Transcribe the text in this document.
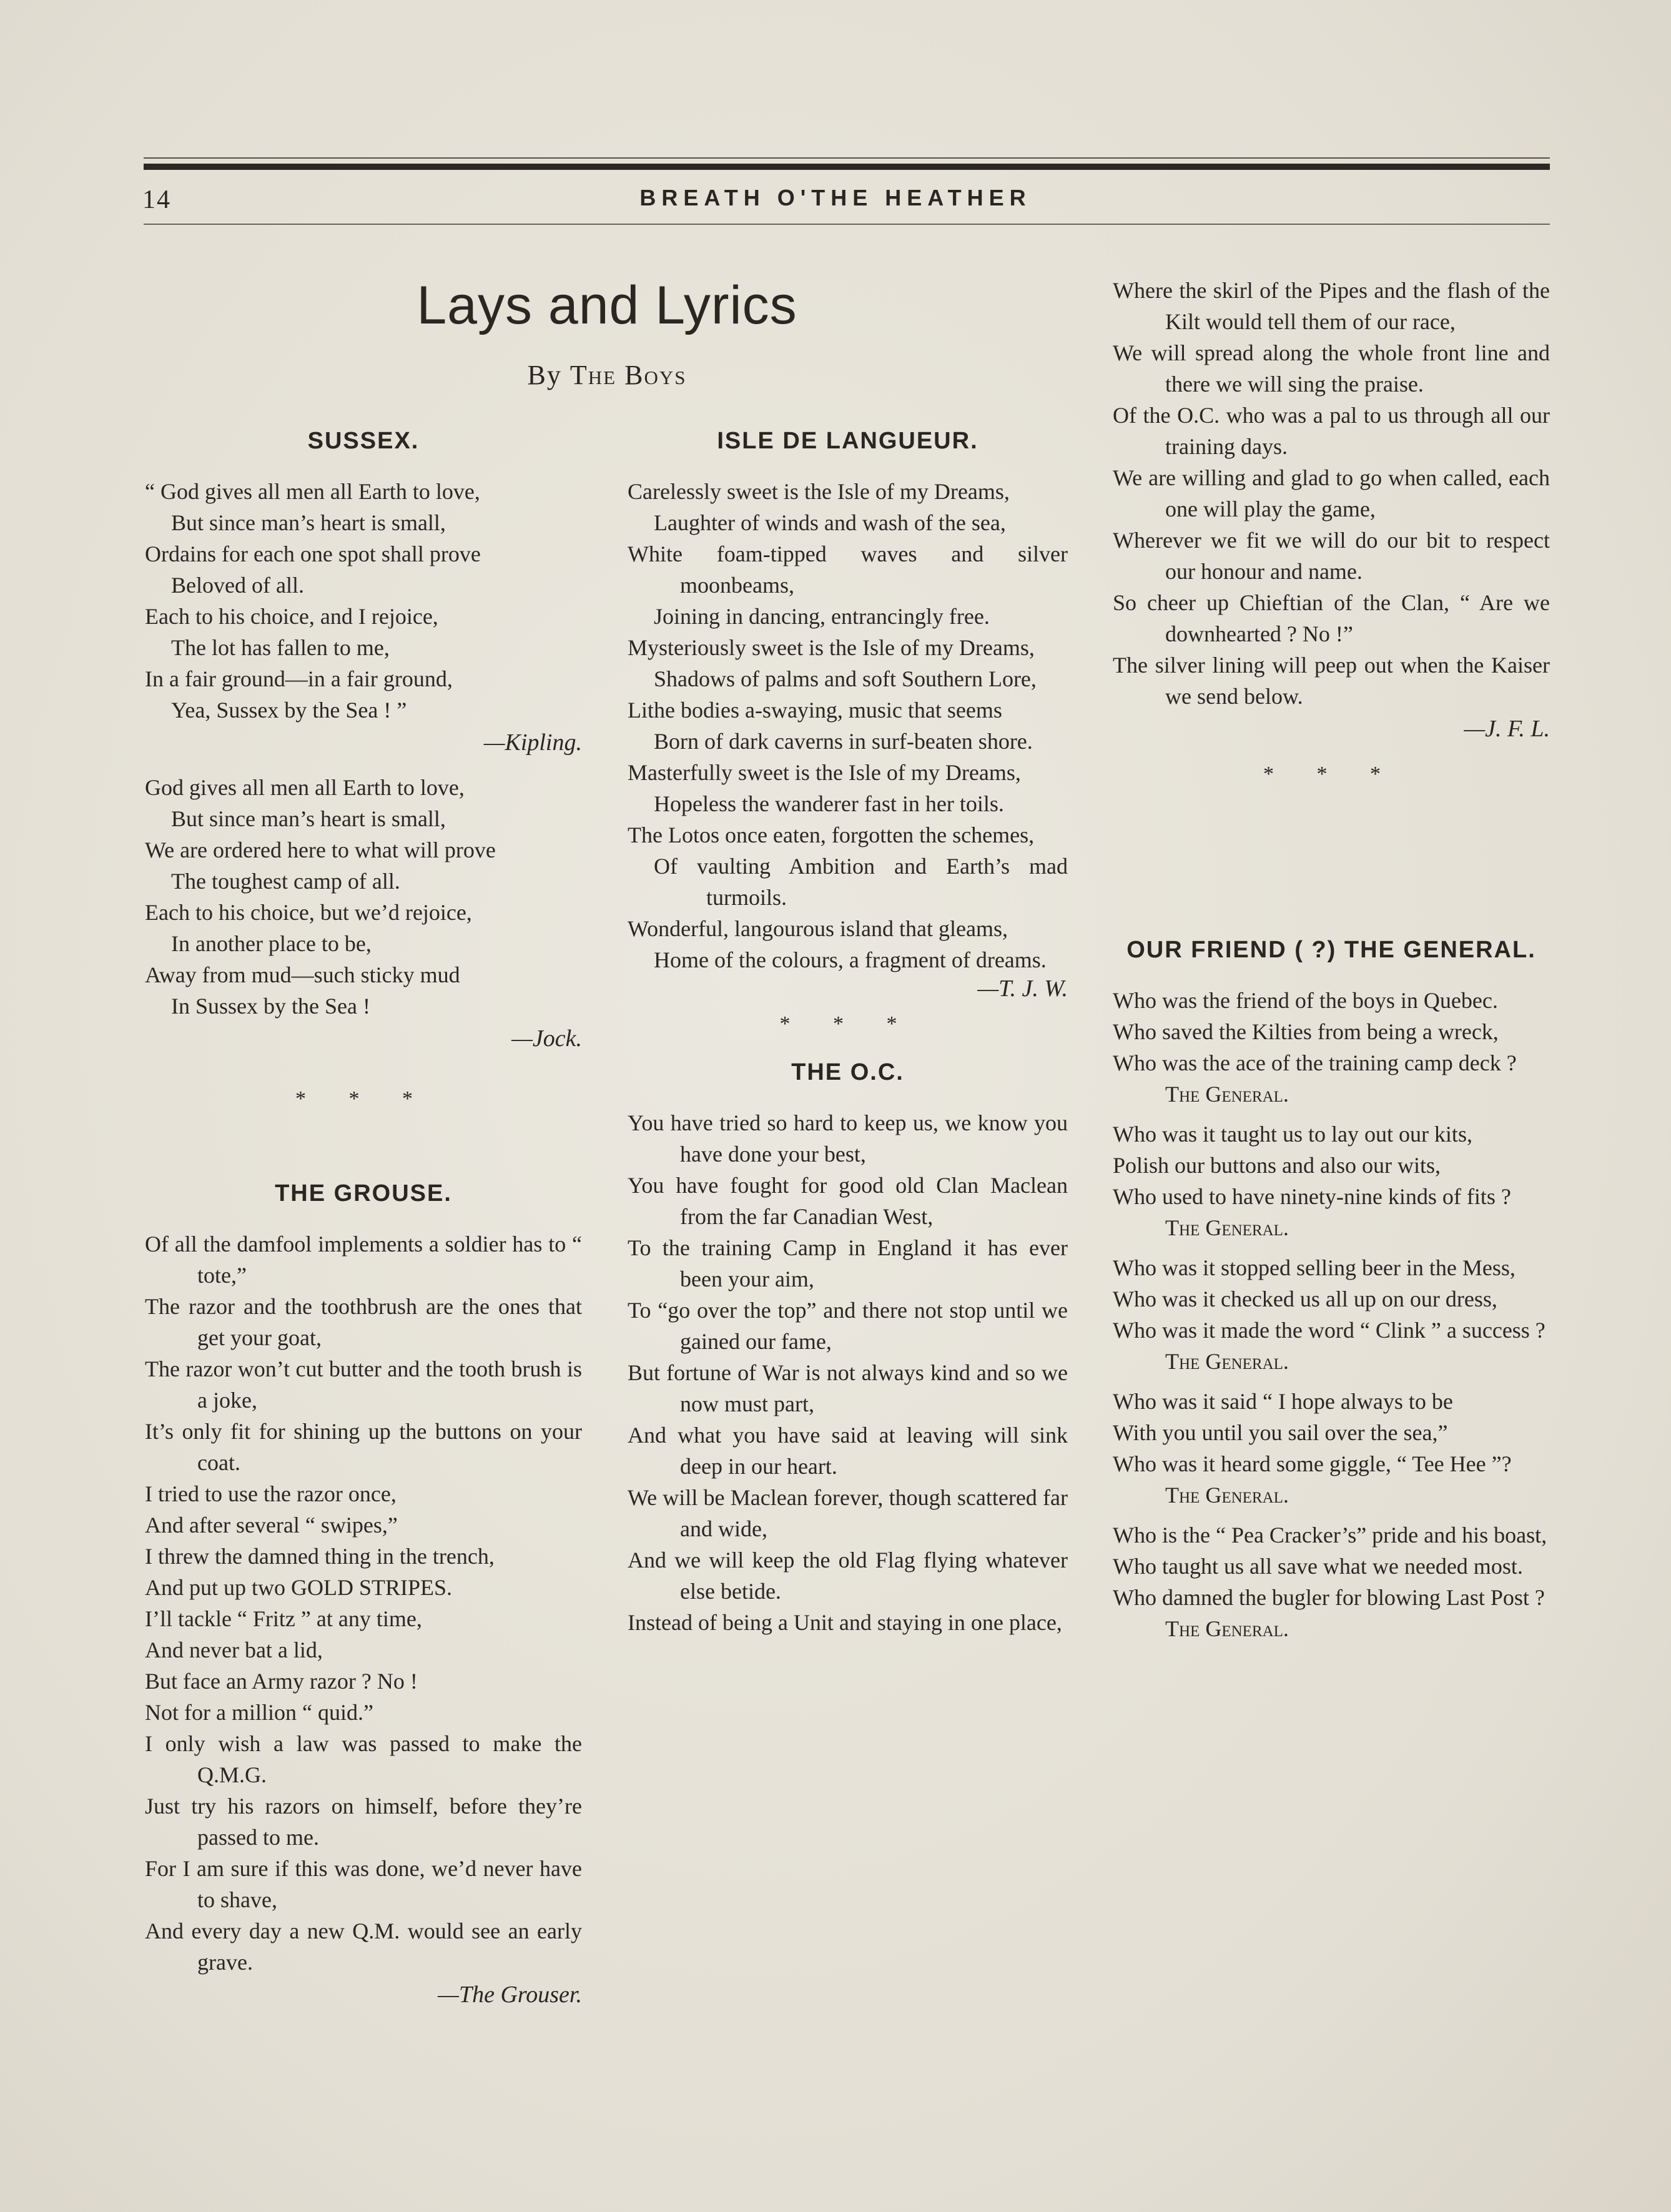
14	BREATH O'THE HEATHER
Lays and Lyrics
By The Boys
SUSSEX.
“ God gives all men all Earth to love,
But since man’s heart is small,
Ordains for each one spot shall prove
Beloved of all.
Each to his choice, and I rejoice,
The lot has fallen to me,
In a fair ground—in a fair ground,
Yea, Sussex by the Sea ! ”
—Kipling.
God gives all men all Earth to love,
But since man’s heart is small,
We are ordered here to what will prove
The toughest camp of all.
Each to his choice, but we’d rejoice,
In another place to be,
Away from mud—such sticky mud
In Sussex by the Sea !
—Jock.
* * *
THE GROUSE.
Of all the damfool implements a soldier has to “ tote,”
The razor and the toothbrush are the ones that get your goat,
The razor won’t cut butter and the tooth brush is a joke,
It’s only fit for shining up the buttons on your coat.
I tried to use the razor once,
And after several “ swipes,”
I threw the damned thing in the trench,
And put up two GOLD STRIPES.
I’ll tackle “ Fritz ” at any time,
And never bat a lid,
But face an Army razor ? No !
Not for a million “ quid.”
I only wish a law was passed to make the Q.M.G.
Just try his razors on himself, before they’re passed to me.
For I am sure if this was done, we’d never have to shave,
And every day a new Q.M. would see an early grave.
—The Grouser.
ISLE DE LANGUEUR.
Carelessly sweet is the Isle of my Dreams,
Laughter of winds and wash of the sea,
White foam-tipped waves and silver moonbeams,
Joining in dancing, entrancingly free.
Mysteriously sweet is the Isle of my Dreams,
Shadows of palms and soft Southern Lore,
Lithe bodies a-swaying, music that seems
Born of dark caverns in surf-beaten shore.
Masterfully sweet is the Isle of my Dreams,
Hopeless the wanderer fast in her toils.
The Lotos once eaten, forgotten the schemes,
Of vaulting Ambition and Earth’s mad turmoils.
Wonderful, langourous island that gleams,
Home of the colours, a fragment of dreams.
—T. J. W.
* * *
THE O.C.
You have tried so hard to keep us, we know you have done your best,
You have fought for good old Clan Maclean from the far Canadian West,
To the training Camp in England it has ever been your aim,
To “go over the top” and there not stop until we gained our fame,
But fortune of War is not always kind and so we now must part,
And what you have said at leaving will sink deep in our heart.
We will be Maclean forever, though scattered far and wide,
And we will keep the old Flag flying whatever else betide.
Instead of being a Unit and staying in one place,
Where the skirl of the Pipes and the flash of the Kilt would tell them of our race,
We will spread along the whole front line and there we will sing the praise.
Of the O.C. who was a pal to us through all our training days.
We are willing and glad to go when called, each one will play the game,
Wherever we fit we will do our bit to respect our honour and name.
So cheer up Chieftian of the Clan, “ Are we downhearted ? No !”
The silver lining will peep out when the Kaiser we send below.
—J. F. L.
* * *
OUR FRIEND ( ?) THE GENERAL.
Who was the friend of the boys in Quebec.
Who saved the Kilties from being a wreck,
Who was the ace of the training camp deck ?
The General.
Who was it taught us to lay out our kits,
Polish our buttons and also our wits,
Who used to have ninety-nine kinds of fits ?
The General.
Who was it stopped selling beer in the Mess,
Who was it checked us all up on our dress,
Who was it made the word “ Clink ” a success ?
The General.
Who was it said “ I hope always to be
With you until you sail over the sea,”
Who was it heard some giggle, “ Tee Hee ”?
The General.
Who is the “ Pea Cracker’s” pride and his boast,
Who taught us all save what we needed most.
Who damned the bugler for blowing Last Post ?
The General.
